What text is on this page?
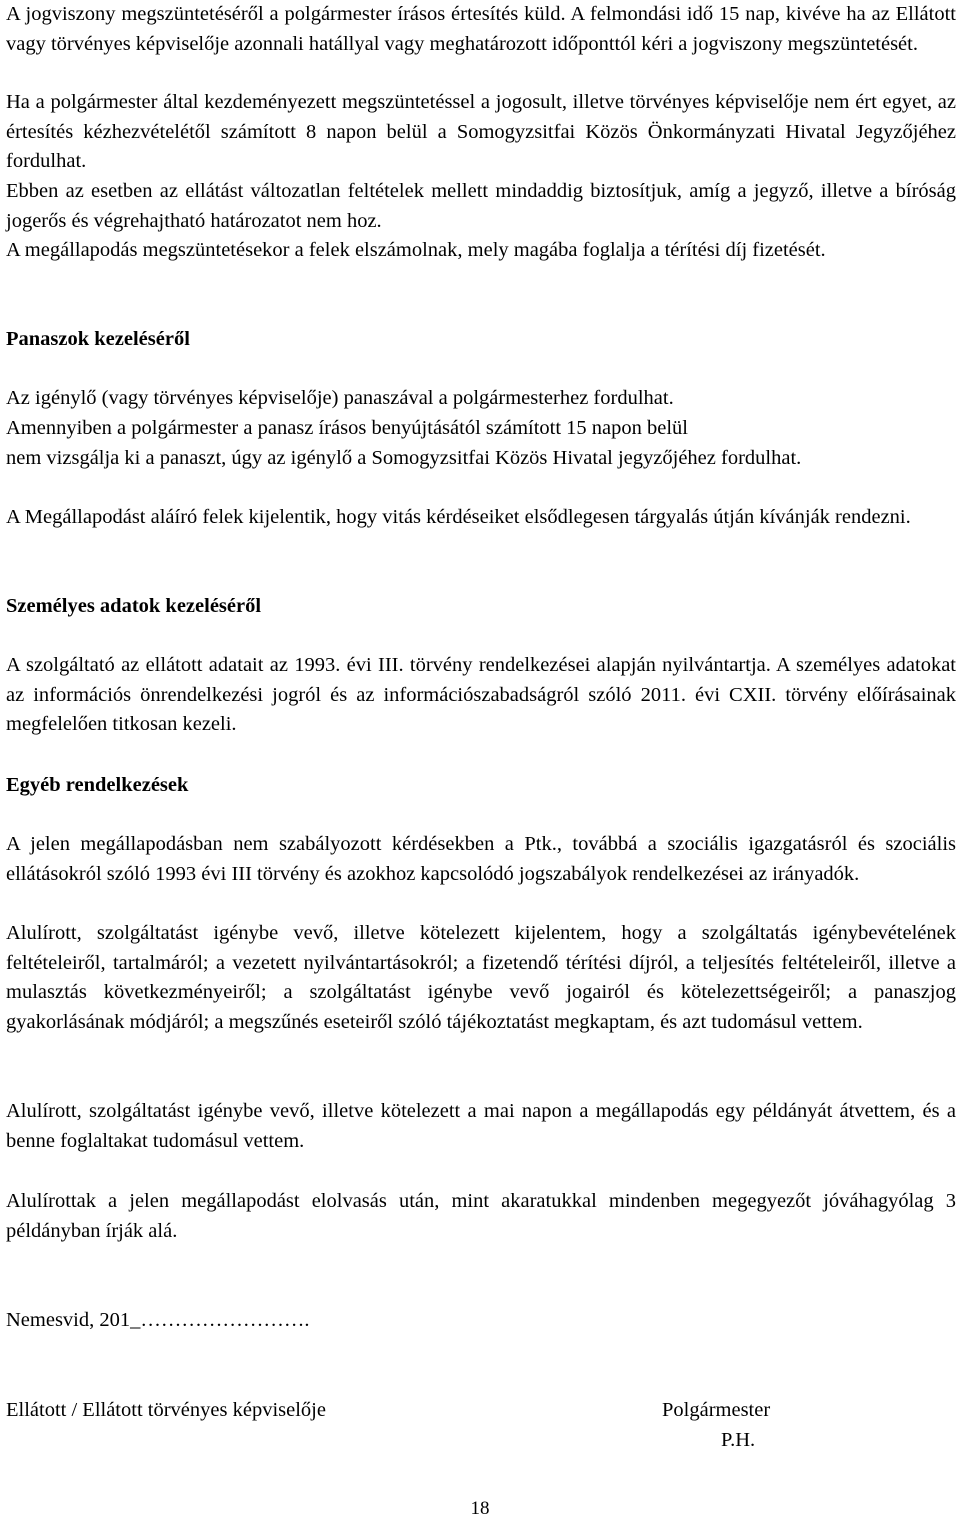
A jogviszony megszüntetéséről a polgármester írásos értesítés küld. A felmondási idő 15 nap, kivéve ha az Ellátott vagy törvényes képviselője azonnali hatállyal vagy meghatározott időponttól kéri a jogviszony megszüntetését.

Ha a polgármester által kezdeményezett megszüntetéssel a jogosult, illetve törvényes képviselője nem ért egyet, az értesítés kézhezvételétől számított 8 napon belül a Somogyzsitfai Közös Önkormányzati Hivatal Jegyzőjéhez fordulhat.

Ebben az esetben az ellátást változatlan feltételek mellett mindaddig biztosítjuk, amíg a jegyző, illetve a bíróság jogerős és végrehajtható határozatot nem hoz.

A megállapodás megszüntetésekor a felek elszámolnak, mely magába foglalja a térítési díj fizetését.

Panaszok kezeléséről

Az igénylő (vagy törvényes képviselője) panaszával a polgármesterhez fordulhat.

Amennyiben a polgármester a panasz írásos benyújtásától számított 15 napon belül

nem vizsgálja ki a panaszt, úgy az igénylő a Somogyzsitfai Közös Hivatal jegyzőjéhez fordulhat.

A Megállapodást aláíró felek kijelentik, hogy vitás kérdéseiket elsődlegesen tárgyalás útján kívánják rendezni.

Személyes adatok kezeléséről

A szolgáltató az ellátott adatait az 1993. évi III. törvény rendelkezései alapján nyilvántartja. A személyes adatokat az információs önrendelkezési jogról és az információszabadságról szóló 2011. évi CXII. törvény előírásainak megfelelően titkosan kezeli.

Egyéb rendelkezések

A jelen megállapodásban nem szabályozott kérdésekben a Ptk., továbbá a szociális igazgatásról és szociális ellátásokról szóló 1993 évi III törvény és azokhoz kapcsolódó jogszabályok rendelkezései az irányadók.

Alulírott, szolgáltatást igénybe vevő, illetve kötelezett kijelentem, hogy a szolgáltatás igénybevételének feltételeiről, tartalmáról; a vezetett nyilvántartásokról; a fizetendő térítési díjról, a teljesítés feltételeiről, illetve a mulasztás következményeiről; a szolgáltatást igénybe vevő jogairól és kötelezettségeiről; a panaszjog gyakorlásának módjáról; a megszűnés eseteiről szóló tájékoztatást megkaptam, és azt tudomásul vettem.

Alulírott, szolgáltatást igénybe vevő, illetve kötelezett a mai napon a megállapodás egy példányát átvettem, és a benne foglaltakat tudomásul vettem.

Alulírottak a jelen megállapodást elolvasás után, mint akaratukkal mindenben megegyezőt jóváhagyólag 3 példányban írják alá.

Nemesvid, 201_…………………….

Ellátott / Ellátott törvényes képviselője	Polgármester

P.H.

18
